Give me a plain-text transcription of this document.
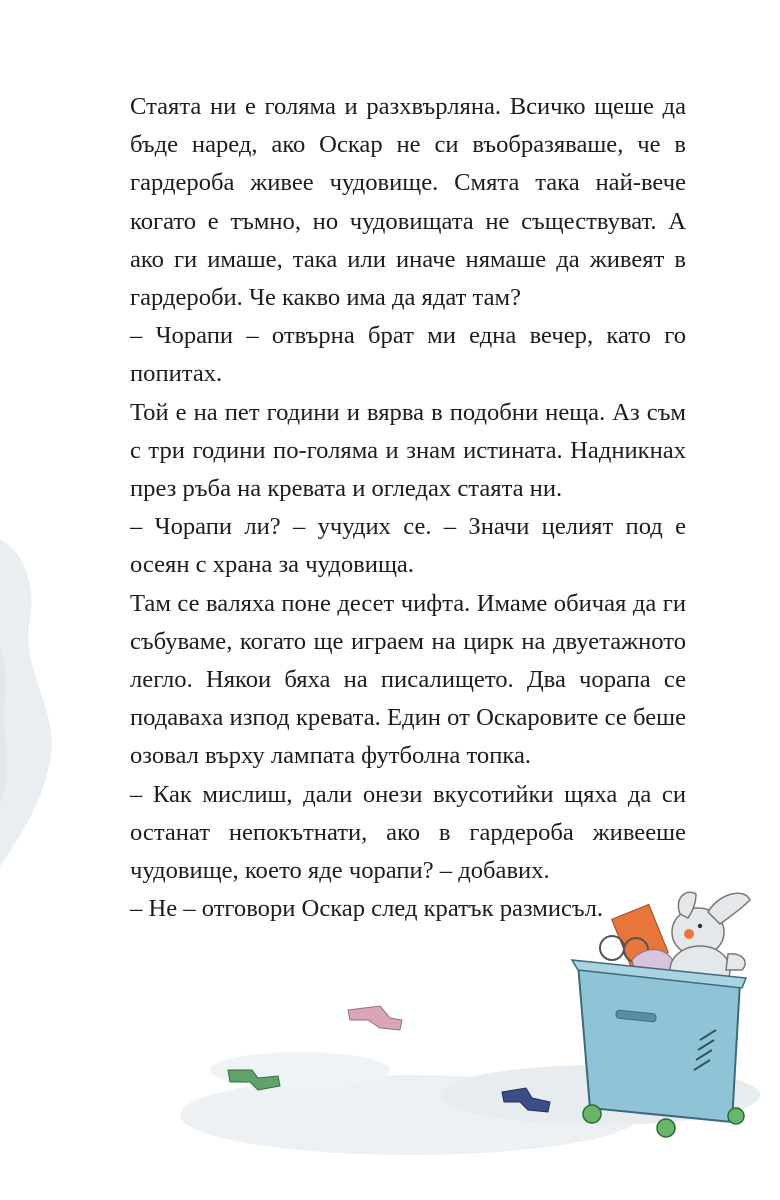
Стаята ни е голяма и разхвърляна. Всичко щеше да бъде наред, ако Оскар не си въобразяваше, че в гардероба живее чудовище. Смята така най-вече когато е тъмно, но чудовищата не съществуват. А ако ги имаше, така или иначе нямаше да живеят в гардероби. Че какво има да ядат там?

– Чорапи – отвърна брат ми една вечер, като го попитах.

Той е на пет години и вярва в подобни неща. Аз съм с три години по-голяма и знам истината. Надникнах през ръба на кревата и огледах стаята ни.

– Чорапи ли? – учудих се. – Значи целият под е осеян с храна за чудовища.

Там се валяха поне десет чифта. Имаме обичая да ги събуваме, когато ще играем на цирк на двуетажното легло. Някои бяха на писалището. Два чорапа се подаваха изпод кревата. Един от Оскаровите се беше озовал върху лампата футболна топка.

– Как мислиш, дали онези вкусотийки щяха да си останат непокътнати, ако в гардероба живееше чудовище, което яде чорапи? – добавих.

– Не – отговори Оскар след кратък размисъл.
